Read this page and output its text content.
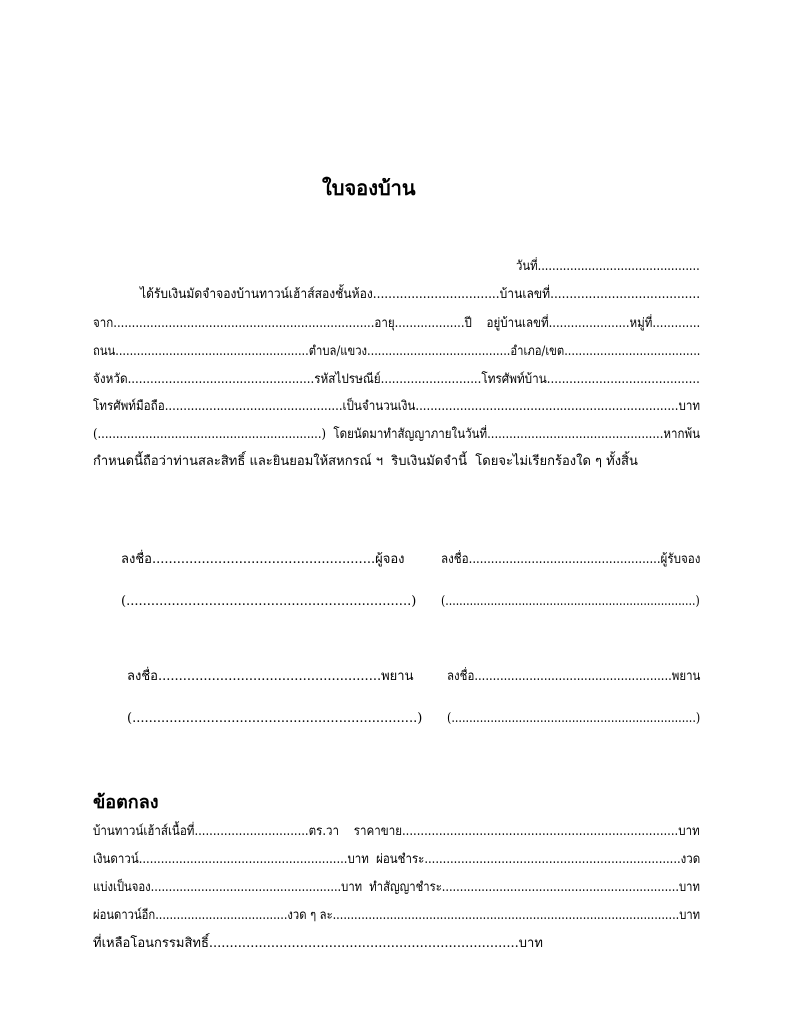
ใบจองบ้าน
วันที่.............................................
ได้รับเงินมัดจำจองบ้านทาวน์เฮ้าส์สองชั้นห้อง.................................บ้านเลขที่.......................................
จาก.......................................................................อายุ...................ปี    อยู่บ้านเลขที่......................หมู่ที่.............
ถนน......................................................ตำบล/แขวง........................................อำเภอ/เขต......................................
จังหวัด..................................................รหัสไปรษณีย์...........................โทรศัพท์บ้าน.........................................
โทรศัพท์มือถือ................................................เป็นจำนวนเงิน.......................................................................บาท
(.............................................................)  โดยนัดมาทำสัญญาภายในวันที่................................................หากพ้น
กำหนดนี้ถือว่าท่านสละสิทธิ์ และยินยอมให้สหกรณ์ ฯ  ริบเงินมัดจำนี้  โดยจะไม่เรียกร้องใด ๆ ทั้งสิ้น
ลงชื่อ......................................................ผู้จอง
(.....................................................................)
ลงชื่อ....................................................ผู้รับจอง
(........................................................................)
ลงชื่อ......................................................พยาน
(.....................................................................)
ลงชื่อ......................................................พยาน
(.....................................................................)
ข้อตกลง
บ้านทาวน์เฮ้าส์เนื้อที่...............................ตร.วา    ราคาขาย...........................................................................บาท
เงินดาวน์.........................................................บาท  ผ่อนชำระ......................................................................งวด
แบ่งเป็นจอง.....................................................บาท  ทำสัญญาชำระ..................................................................บาท
ผ่อนดาวน์อีก.....................................งวด ๆ ละ.................................................................................................บาท
ที่เหลือโอนกรรมสิทธิ์...........................................................................บาท
